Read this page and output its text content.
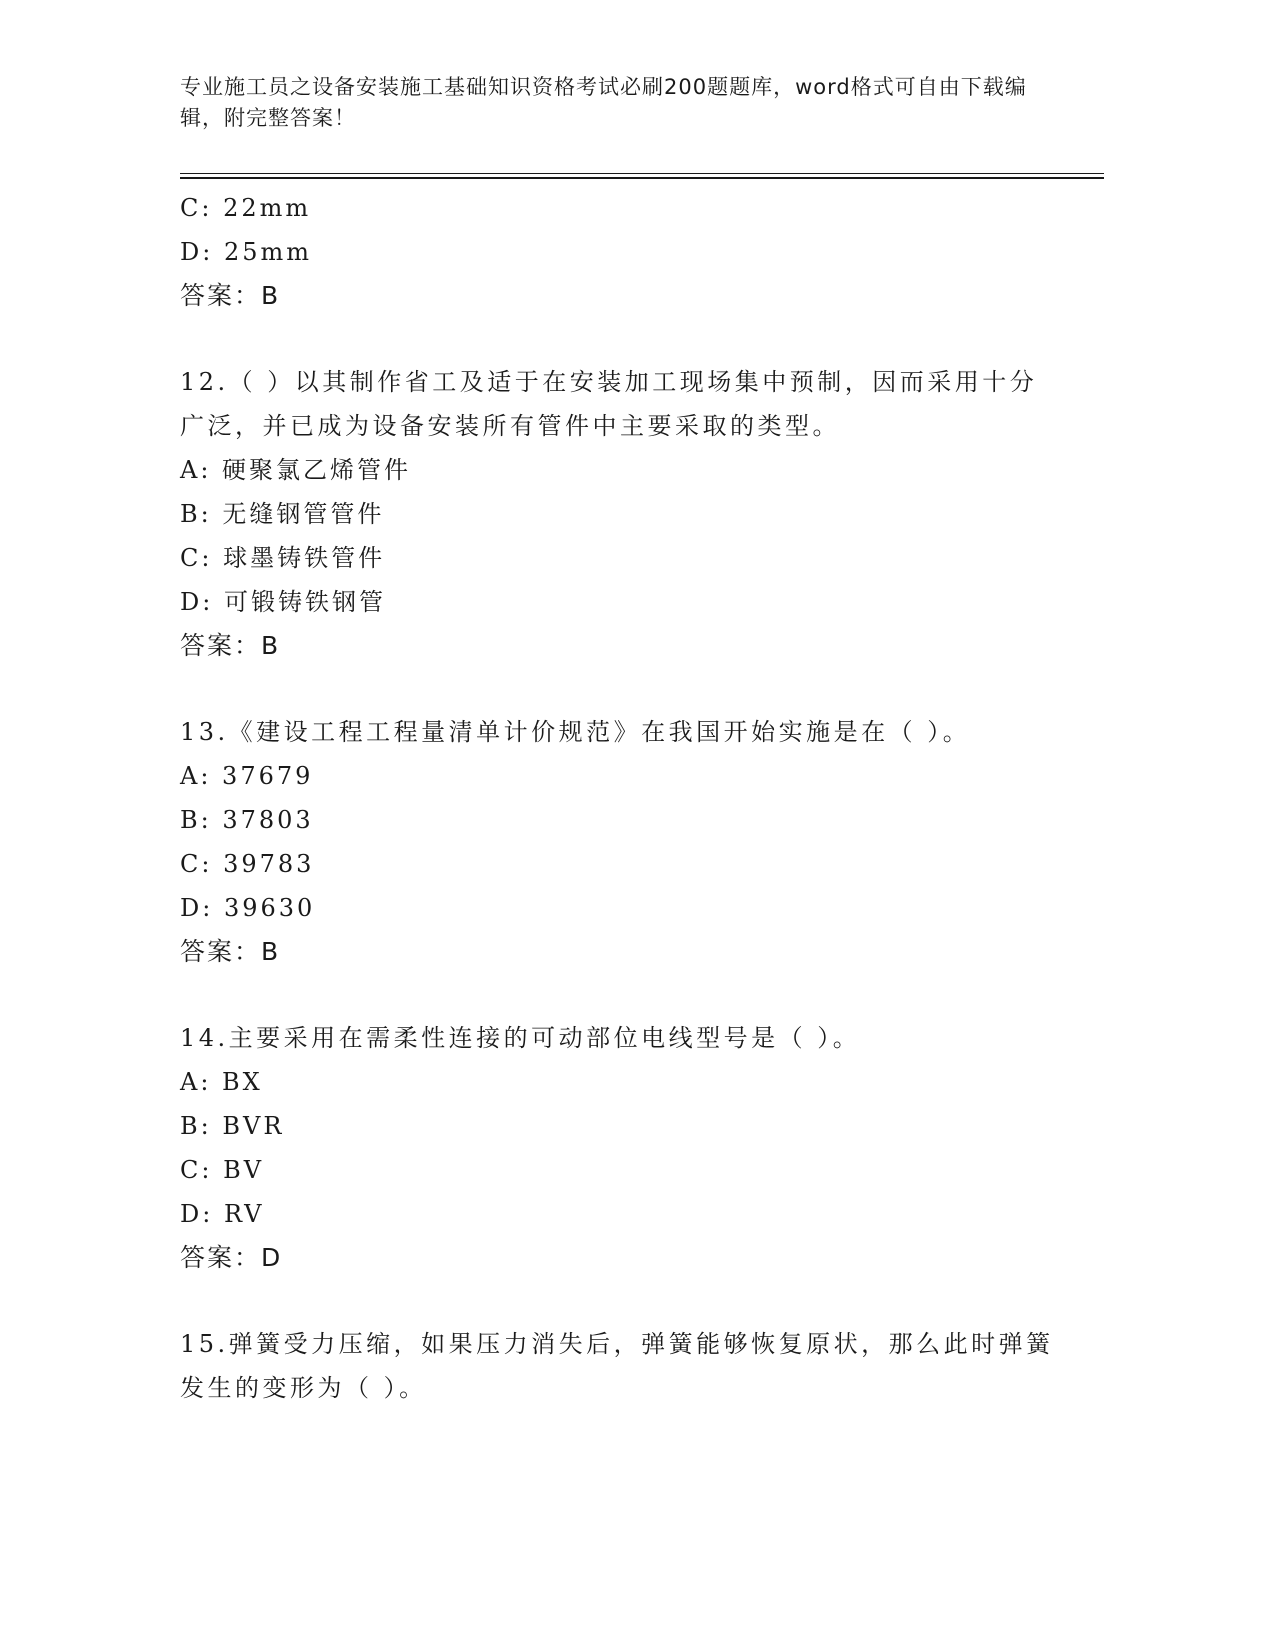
专业施工员之设备安装施工基础知识资格考试必刷200题题库，word格式可自由下载编辑，附完整答案！
C: 22mm
D: 25mm
答案：B
12.（ ）以其制作省工及适于在安装加工现场集中预制，因而采用十分广泛，并已成为设备安装所有管件中主要采取的类型。
A: 硬聚氯乙烯管件
B: 无缝钢管管件
C: 球墨铸铁管件
D: 可锻铸铁钢管
答案：B
13.《建设工程工程量清单计价规范》在我国开始实施是在（ ）。
A: 37679
B: 37803
C: 39783
D: 39630
答案：B
14.主要采用在需柔性连接的可动部位电线型号是（ ）。
A: BX
B: BVR
C: BV
D: RV
答案：D
15.弹簧受力压缩，如果压力消失后，弹簧能够恢复原状，那么此时弹簧发生的变形为（ ）。
